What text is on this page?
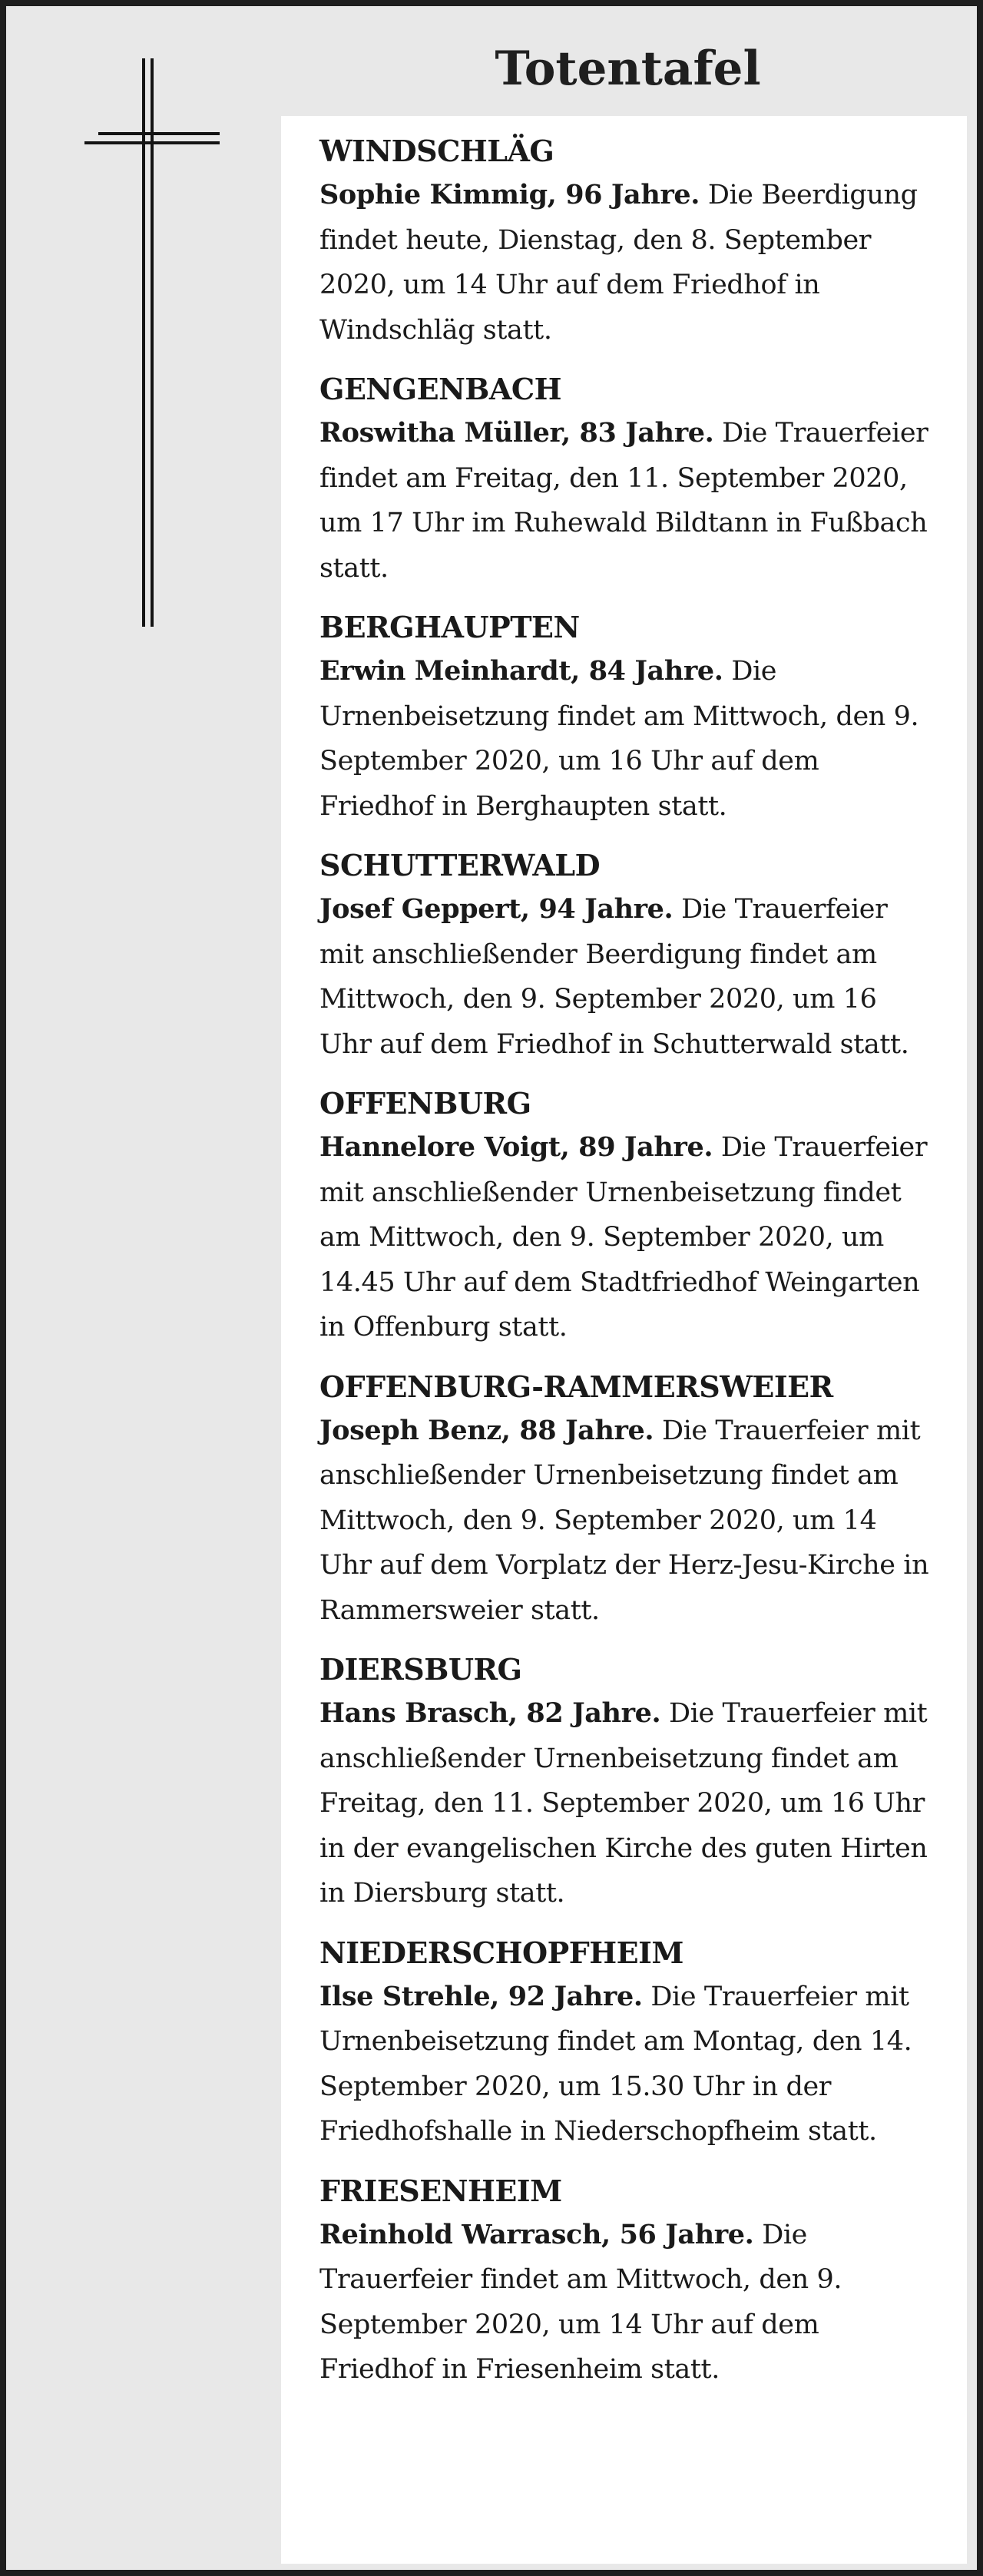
Totentafel

WINDSCHLÄG

Sophie Kimmig, 96 Jahre. Die Beerdigung findet heute, Dienstag, den 8. September 2020, um 14 Uhr auf dem Friedhof in Windschläg statt.

GENGENBACH

Roswitha Müller, 83 Jahre. Die Trauerfeier findet am Freitag, den 11. September 2020, um 17 Uhr im Ruhewald Bildtann in Fußbach statt.

BERGHAUPTEN

Erwin Meinhardt, 84 Jahre. Die Urnenbeisetzung findet am Mittwoch, den 9. September 2020, um 16 Uhr auf dem Friedhof in Berghaupten statt.

SCHUTTERWALD

Josef Geppert, 94 Jahre. Die Trauerfeier mit anschließender Beerdigung findet am Mittwoch, den 9. September 2020, um 16 Uhr auf dem Friedhof in Schutterwald statt.

OFFENBURG

Hannelore Voigt, 89 Jahre. Die Trauerfeier mit anschließender Urnenbeisetzung findet am Mittwoch, den 9. September 2020, um 14.45 Uhr auf dem Stadtfriedhof Weingarten in Offenburg statt.

OFFENBURG-RAMMERSWEIER

Joseph Benz, 88 Jahre. Die Trauerfeier mit anschließender Urnenbeisetzung findet am Mittwoch, den 9. September 2020, um 14 Uhr auf dem Vorplatz der Herz-Jesu-Kirche in Rammersweier statt.

DIERSBURG

Hans Brasch, 82 Jahre. Die Trauerfeier mit anschließender Urnenbeisetzung findet am Freitag, den 11. September 2020, um 16 Uhr in der evangelischen Kirche des guten Hirten in Diersburg statt.

NIEDERSCHOPFHEIM

Ilse Strehle, 92 Jahre. Die Trauerfeier mit Urnenbeisetzung findet am Montag, den 14. September 2020, um 15.30 Uhr in der Friedhofshalle in Niederschopfheim statt.

FRIESENHEIM

Reinhold Warrasch, 56 Jahre. Die Trauerfeier findet am Mittwoch, den 9. September 2020, um 14 Uhr auf dem Friedhof in Friesenheim statt.
